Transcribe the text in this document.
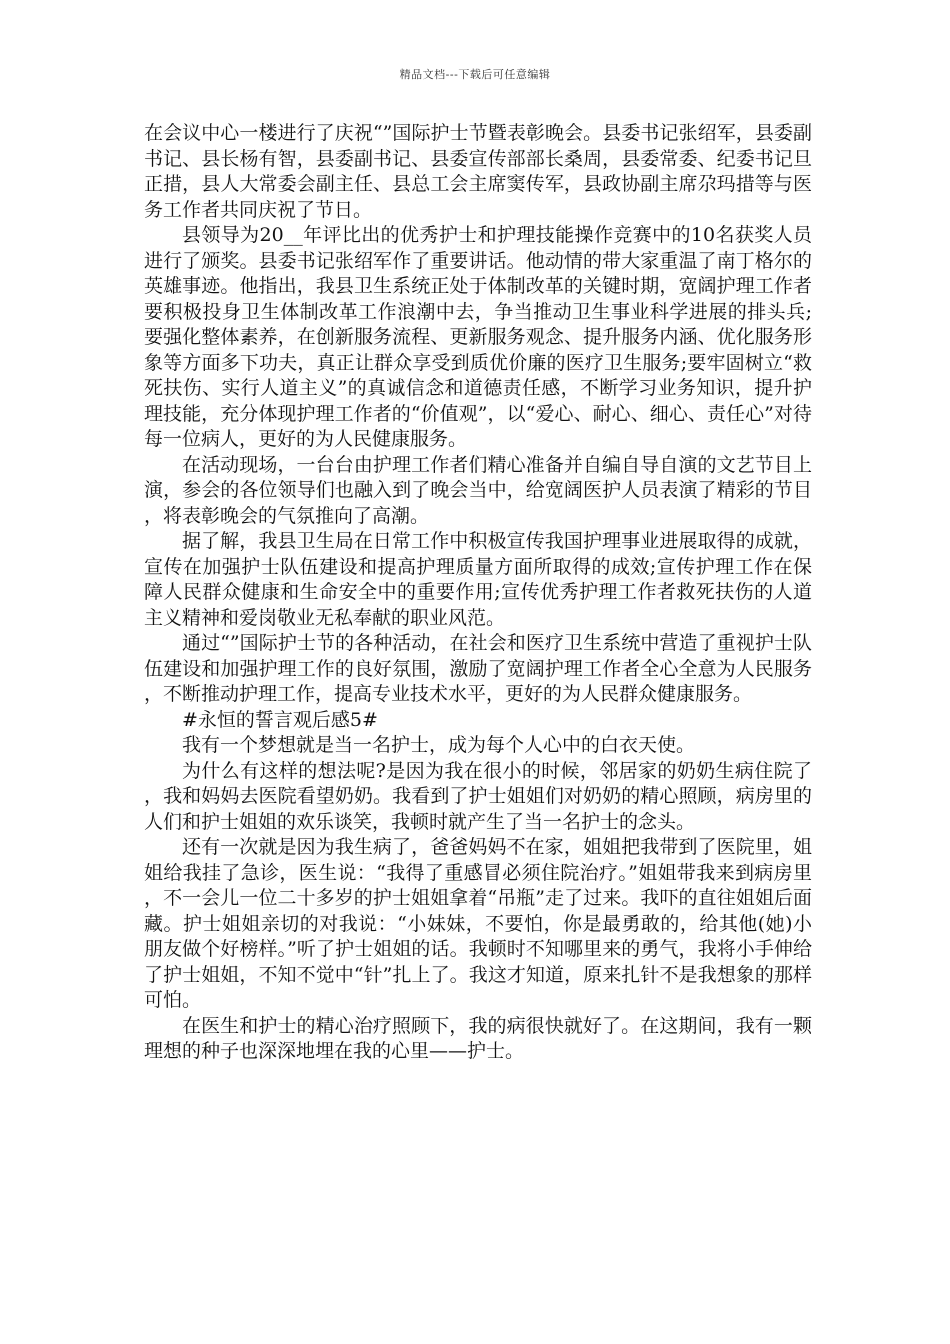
精品文档---下载后可任意编辑

在会议中心一楼进行了庆祝“”国际护士节暨表彰晚会。县委书记张绍军，县委副书记、县长杨有智，县委副书记、县委宣传部部长桑周，县委常委、纪委书记旦正措，县人大常委会副主任、县总工会主席窦传军，县政协副主席尕玛措等与医务工作者共同庆祝了节日。

县领导为20__年评比出的优秀护士和护理技能操作竞赛中的10名获奖人员进行了颁奖。县委书记张绍军作了重要讲话。他动情的带大家重温了南丁格尔的英雄事迹。他指出，我县卫生系统正处于体制改革的关键时期，宽阔护理工作者要积极投身卫生体制改革工作浪潮中去，争当推动卫生事业科学进展的排头兵;要强化整体素养，在创新服务流程、更新服务观念、提升服务内涵、优化服务形象等方面多下功夫，真正让群众享受到质优价廉的医疗卫生服务;要牢固树立“救死扶伤、实行人道主义”的真诚信念和道德责任感，不断学习业务知识，提升护理技能，充分体现护理工作者的“价值观”，以“爱心、耐心、细心、责任心”对待每一位病人，更好的为人民健康服务。

在活动现场，一台台由护理工作者们精心准备并自编自导自演的文艺节目上演，参会的各位领导们也融入到了晚会当中，给宽阔医护人员表演了精彩的节目，将表彰晚会的气氛推向了高潮。

据了解，我县卫生局在日常工作中积极宣传我国护理事业进展取得的成就，宣传在加强护士队伍建设和提高护理质量方面所取得的成效;宣传护理工作在保障人民群众健康和生命安全中的重要作用;宣传优秀护理工作者救死扶伤的人道主义精神和爱岗敬业无私奉献的职业风范。

通过“”国际护士节的各种活动，在社会和医疗卫生系统中营造了重视护士队伍建设和加强护理工作的良好氛围，激励了宽阔护理工作者全心全意为人民服务，不断推动护理工作，提高专业技术水平，更好的为人民群众健康服务。

#永恒的誓言观后感5#

我有一个梦想就是当一名护士，成为每个人心中的白衣天使。

为什么有这样的想法呢?是因为我在很小的时候，邻居家的奶奶生病住院了，我和妈妈去医院看望奶奶。我看到了护士姐姐们对奶奶的精心照顾，病房里的人们和护士姐姐的欢乐谈笑，我顿时就产生了当一名护士的念头。

还有一次就是因为我生病了，爸爸妈妈不在家，姐姐把我带到了医院里，姐姐给我挂了急诊，医生说：“我得了重感冒必须住院治疗。”姐姐带我来到病房里，不一会儿一位二十多岁的护士姐姐拿着“吊瓶”走了过来。我吓的直往姐姐后面藏。护士姐姐亲切的对我说：“小妹妹，不要怕，你是最勇敢的，给其他(她)小朋友做个好榜样。”听了护士姐姐的话。我顿时不知哪里来的勇气，我将小手伸给了护士姐姐，不知不觉中“针”扎上了。我这才知道，原来扎针不是我想象的那样可怕。

在医生和护士的精心治疗照顾下，我的病很快就好了。在这期间，我有一颗理想的种子也深深地埋在我的心里——护士。
